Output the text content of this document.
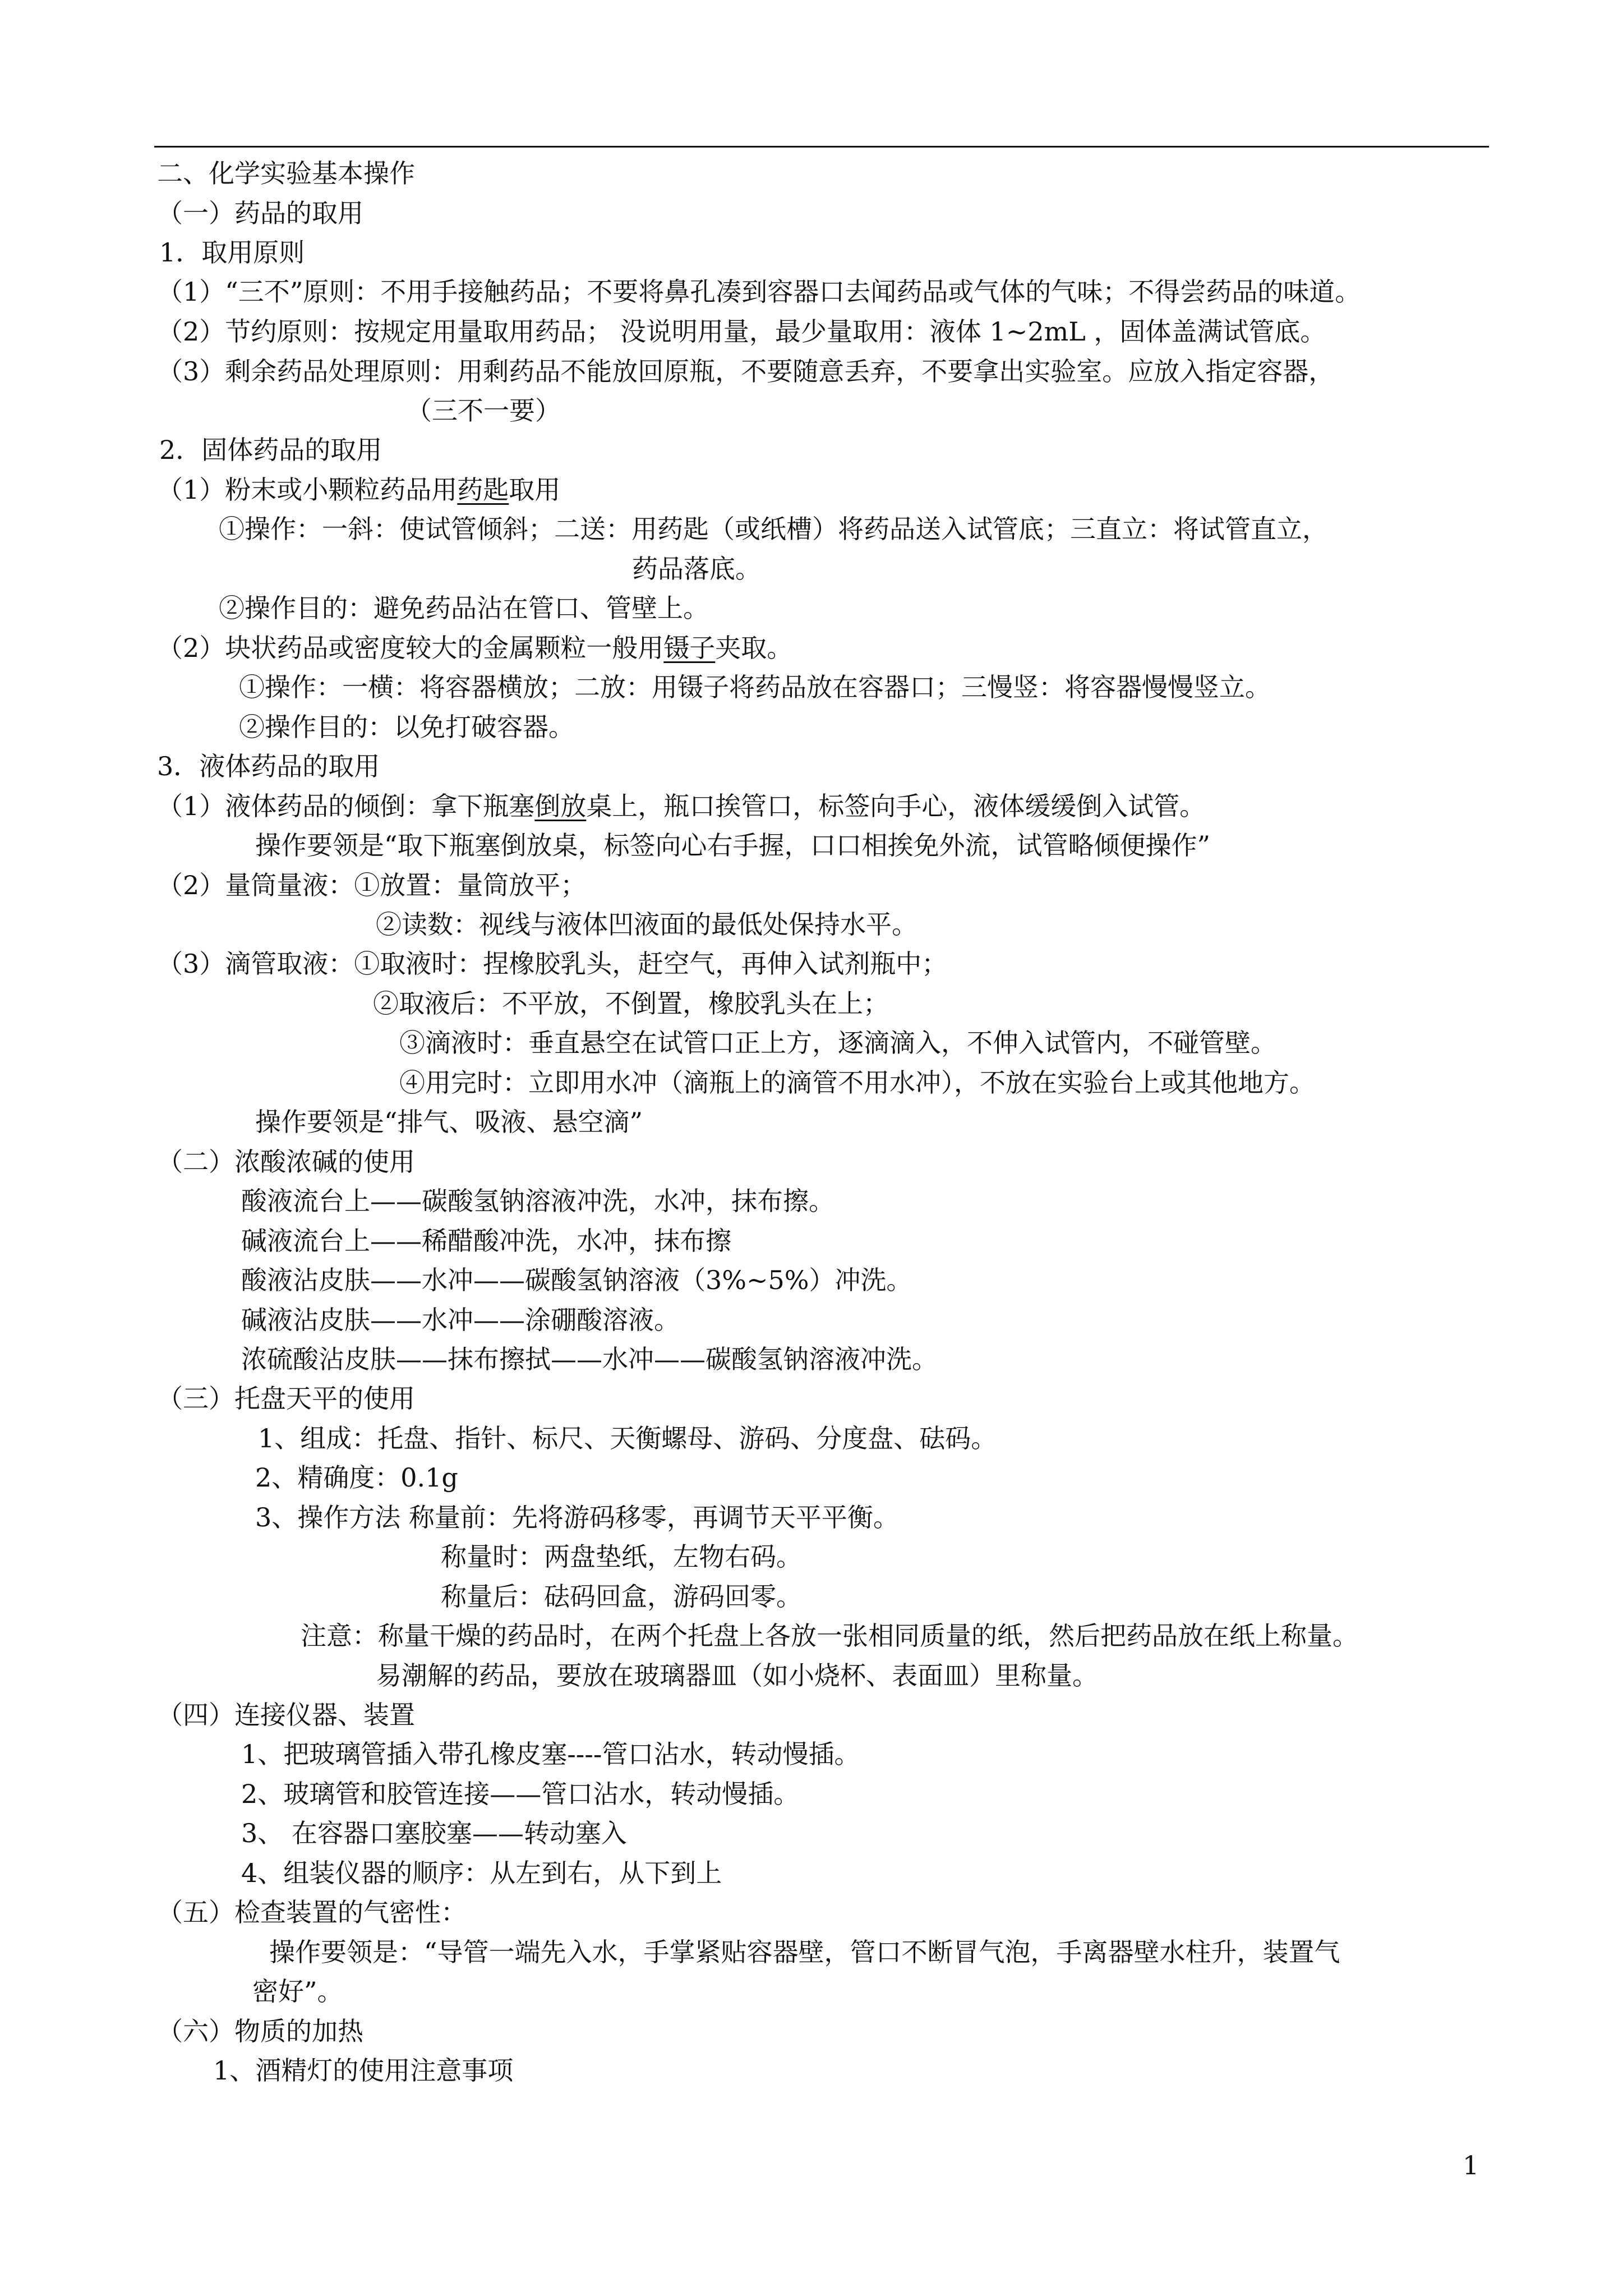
二、化学实验基本操作
（一）药品的取用
1．取用原则
（1）“三不”原则：不用手接触药品；不要将鼻孔凑到容器口去闻药品或气体的气味；不得尝药品的味道。
（2）节约原则：按规定用量取用药品； 没说明用量，最少量取用：液体 1~2mL ，固体盖满试管底。
（3）剩余药品处理原则：用剩药品不能放回原瓶，不要随意丢弃，不要拿出实验室。应放入指定容器，
（三不一要）
2．固体药品的取用
（1）粉末或小颗粒药品用药匙取用
①操作：一斜：使试管倾斜；二送：用药匙（或纸槽）将药品送入试管底；三直立：将试管直立，
药品落底。
②操作目的：避免药品沾在管口、管壁上。
（2）块状药品或密度较大的金属颗粒一般用镊子夹取。
①操作：一横：将容器横放；二放：用镊子将药品放在容器口；三慢竖：将容器慢慢竖立。
②操作目的：以免打破容器。
3．液体药品的取用
（1）液体药品的倾倒：拿下瓶塞倒放桌上，瓶口挨管口，标签向手心，液体缓缓倒入试管。
操作要领是“取下瓶塞倒放桌，标签向心右手握，口口相挨免外流，试管略倾便操作”
（2）量筒量液：①放置：量筒放平；
②读数：视线与液体凹液面的最低处保持水平。
（3）滴管取液：①取液时：捏橡胶乳头，赶空气，再伸入试剂瓶中；
②取液后：不平放，不倒置，橡胶乳头在上；
③滴液时：垂直悬空在试管口正上方，逐滴滴入，不伸入试管内，不碰管壁。
④用完时：立即用水冲（滴瓶上的滴管不用水冲），不放在实验台上或其他地方。
操作要领是“排气、吸液、悬空滴”
（二）浓酸浓碱的使用
酸液流台上——碳酸氢钠溶液冲洗，水冲，抹布擦。
碱液流台上——稀醋酸冲洗，水冲，抹布擦
酸液沾皮肤——水冲——碳酸氢钠溶液（3%~5%）冲洗。
碱液沾皮肤——水冲——涂硼酸溶液。
浓硫酸沾皮肤——抹布擦拭——水冲——碳酸氢钠溶液冲洗。
（三）托盘天平的使用
1、组成：托盘、指针、标尺、天衡螺母、游码、分度盘、砝码。
2、精确度：0.1g
3、操作方法 称量前：先将游码移零，再调节天平平衡。
称量时：两盘垫纸，左物右码。
称量后：砝码回盒，游码回零。
注意：称量干燥的药品时，在两个托盘上各放一张相同质量的纸，然后把药品放在纸上称量。
易潮解的药品，要放在玻璃器皿（如小烧杯、表面皿）里称量。
（四）连接仪器、装置
1、把玻璃管插入带孔橡皮塞----管口沾水，转动慢插。
2、玻璃管和胶管连接——管口沾水，转动慢插。
3、 在容器口塞胶塞——转动塞入
4、组装仪器的顺序：从左到右，从下到上
（五）检查装置的气密性：
操作要领是：“导管一端先入水，手掌紧贴容器壁，管口不断冒气泡，手离器壁水柱升，装置气
密好”。
（六）物质的加热
1、酒精灯的使用注意事项
1
